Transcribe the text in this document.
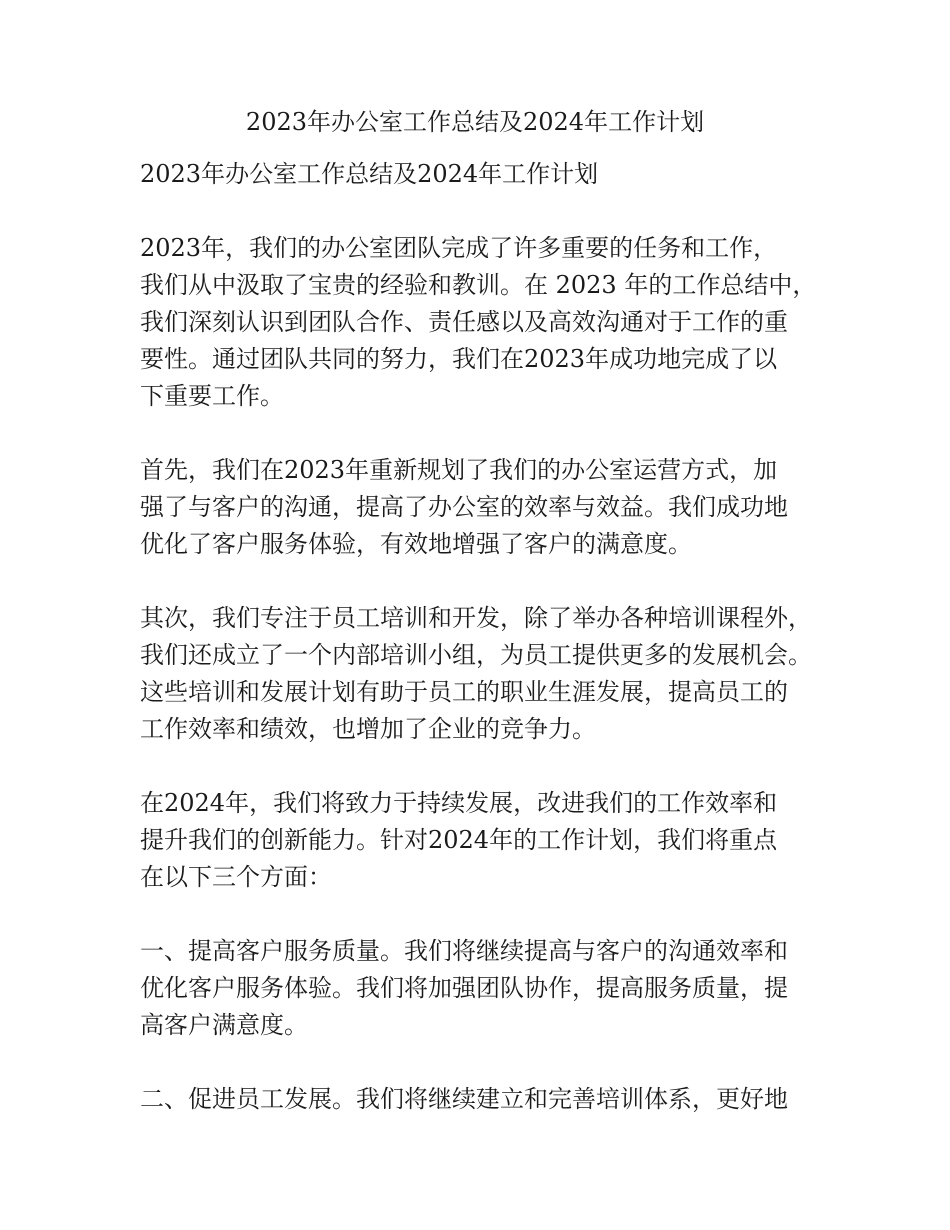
2023年办公室工作总结及2024年工作计划

2023年办公室工作总结及2024年工作计划

2023年，我们的办公室团队完成了许多重要的任务和工作，
我们从中汲取了宝贵的经验和教训。在 2023 年的工作总结中，
我们深刻认识到团队合作、责任感以及高效沟通对于工作的重
要性。通过团队共同的努力，我们在2023年成功地完成了以
下重要工作。

首先，我们在2023年重新规划了我们的办公室运营方式，加
强了与客户的沟通，提高了办公室的效率与效益。我们成功地
优化了客户服务体验，有效地增强了客户的满意度。

其次，我们专注于员工培训和开发，除了举办各种培训课程外，
我们还成立了一个内部培训小组，为员工提供更多的发展机会。
这些培训和发展计划有助于员工的职业生涯发展，提高员工的
工作效率和绩效，也增加了企业的竞争力。

在2024年，我们将致力于持续发展，改进我们的工作效率和
提升我们的创新能力。针对2024年的工作计划，我们将重点
在以下三个方面：

一、提高客户服务质量。我们将继续提高与客户的沟通效率和
优化客户服务体验。我们将加强团队协作，提高服务质量，提
高客户满意度。

二、促进员工发展。我们将继续建立和完善培训体系，更好地
